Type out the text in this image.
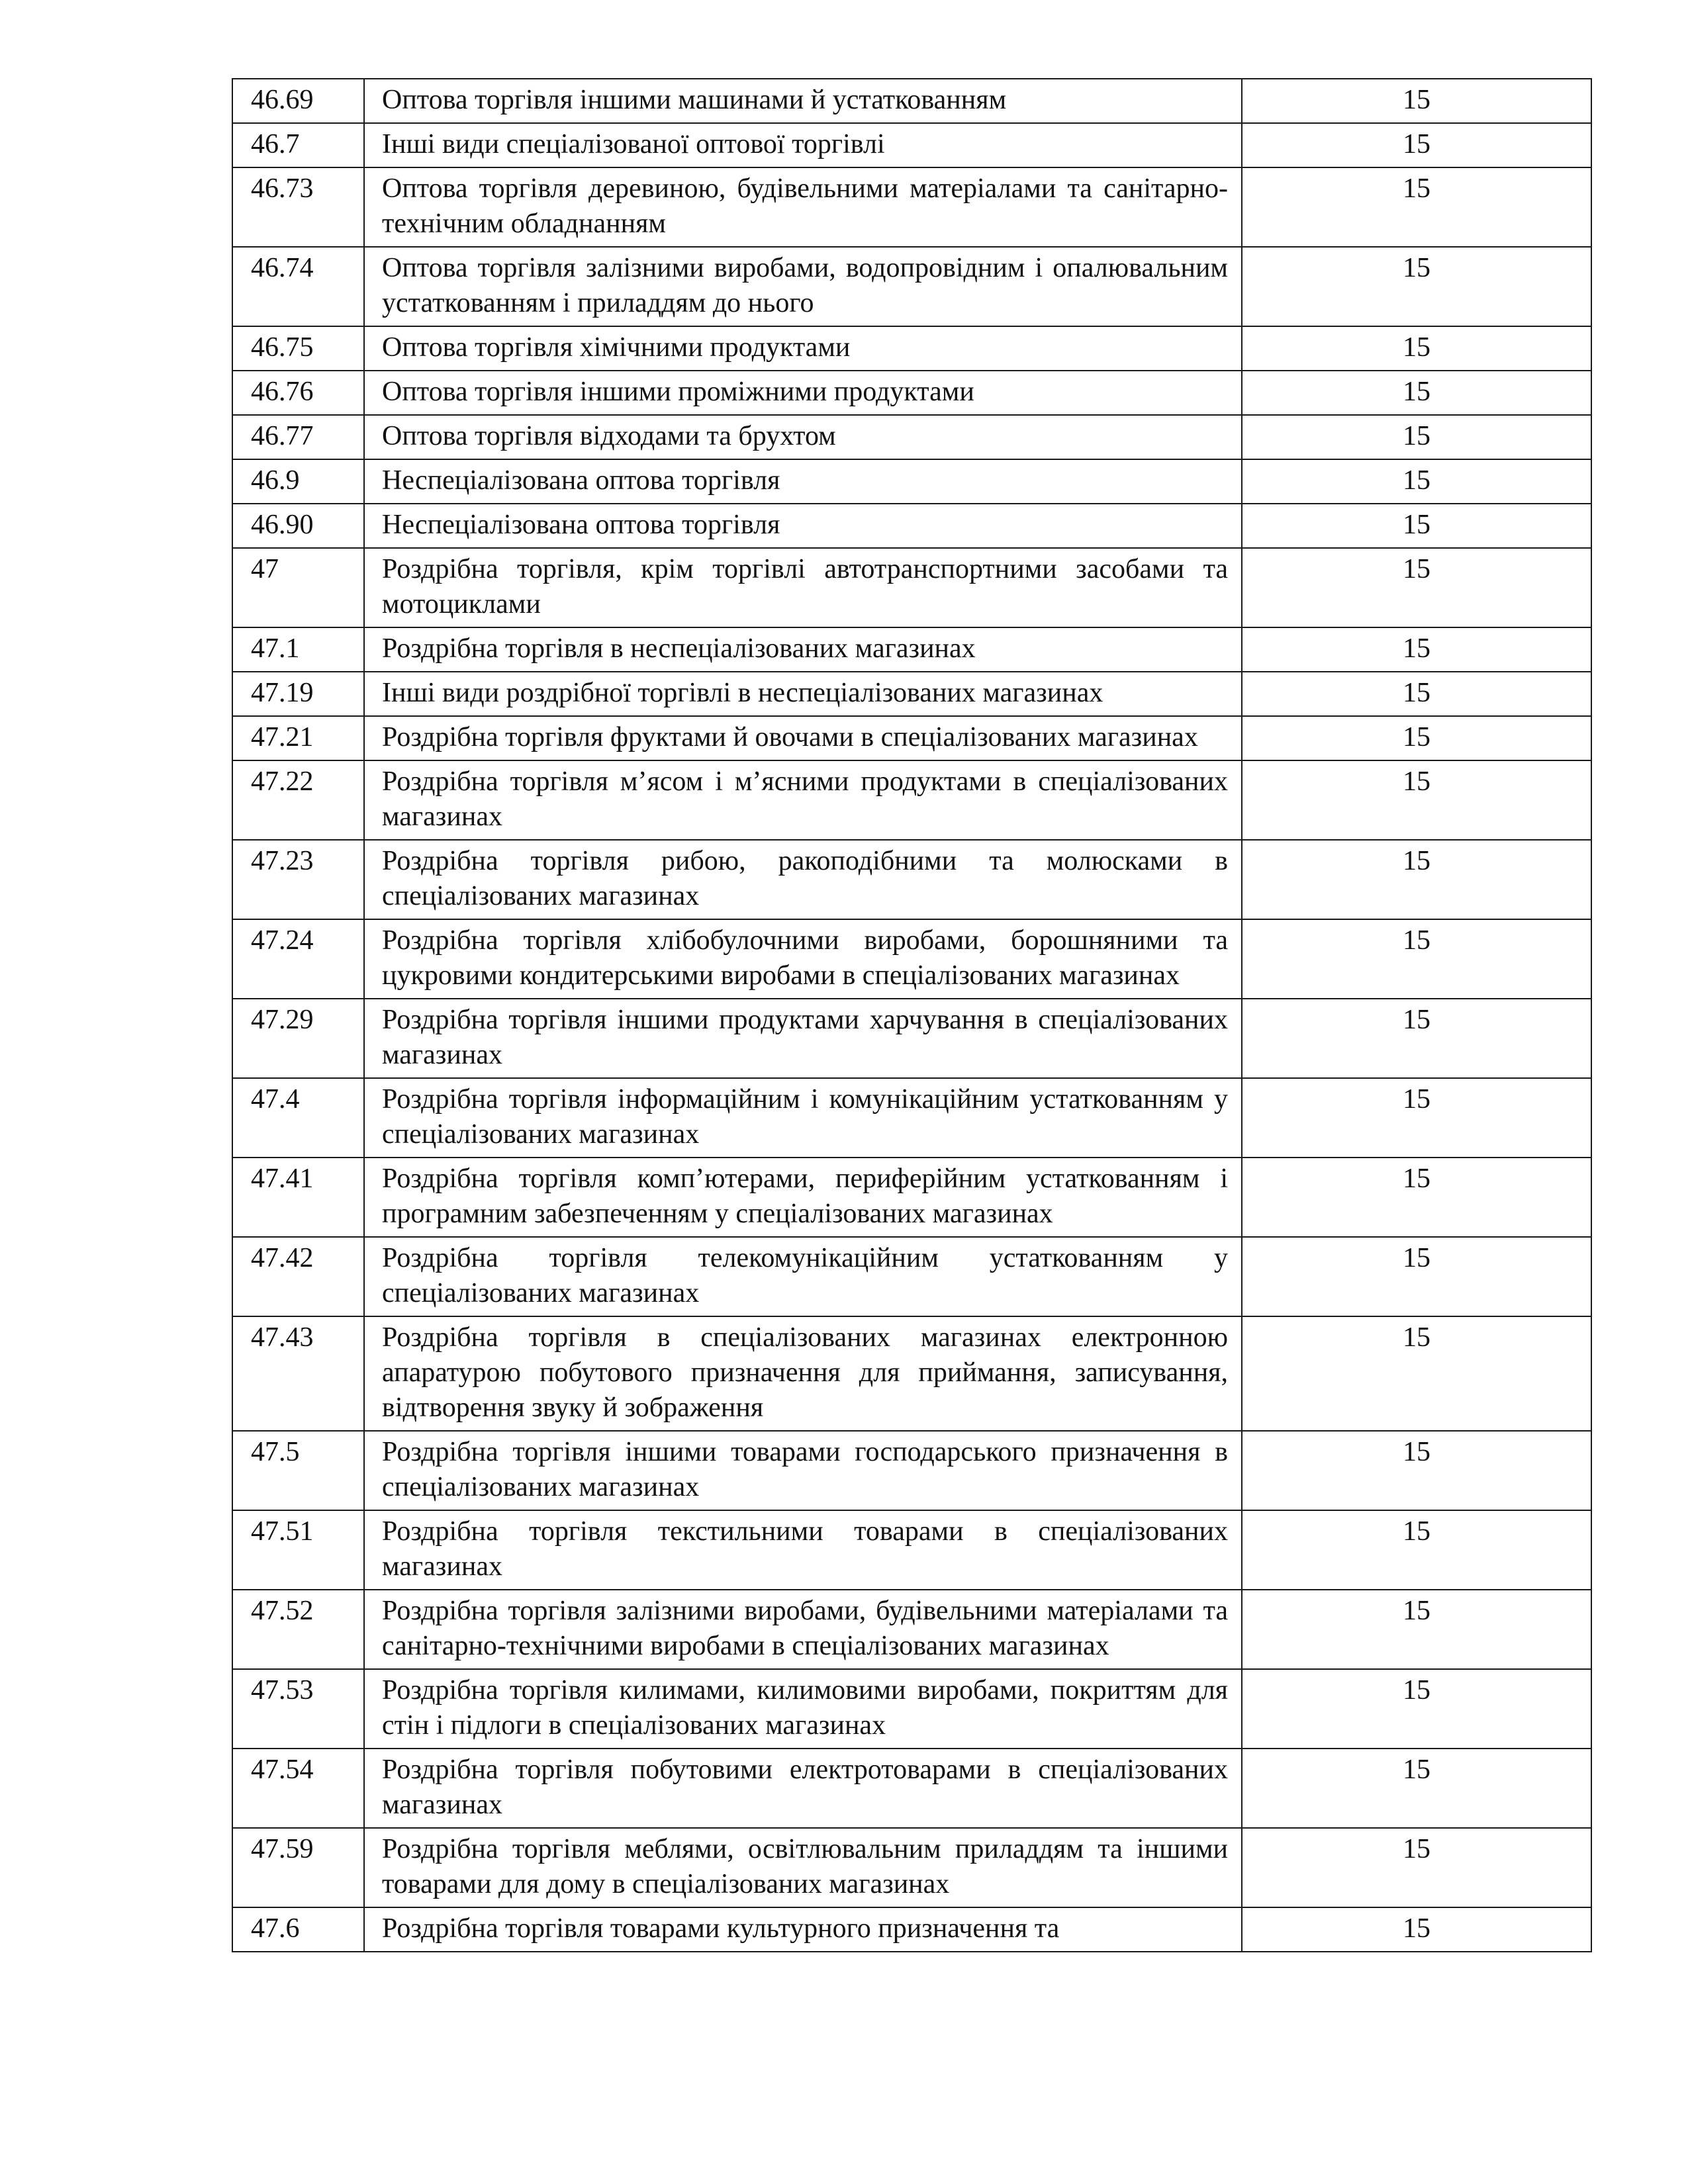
46.69	Оптова торгівля іншими машинами й устаткованням	15
46.7	Інші види спеціалізованої оптової торгівлі	15
46.73	Оптова торгівля деревиною, будівельними матеріалами та санітарно-технічним обладнанням	15
46.74	Оптова торгівля залізними виробами, водопровідним і опалювальним устаткованням і приладдям до нього	15
46.75	Оптова торгівля хімічними продуктами	15
46.76	Оптова торгівля іншими проміжними продуктами	15
46.77	Оптова торгівля відходами та брухтом	15
46.9	Неспеціалізована оптова торгівля	15
46.90	Неспеціалізована оптова торгівля	15
47	Роздрібна торгівля, крім торгівлі автотранспортними засобами та мотоциклами	15
47.1	Роздрібна торгівля в неспеціалізованих магазинах	15
47.19	Інші види роздрібної торгівлі в неспеціалізованих магазинах	15
47.21	Роздрібна торгівля фруктами й овочами в спеціалізованих магазинах	15
47.22	Роздрібна торгівля м’ясом і м’ясними продуктами в спеціалізованих магазинах	15
47.23	Роздрібна торгівля рибою, ракоподібними та молюсками в спеціалізованих магазинах	15
47.24	Роздрібна торгівля хлібобулочними виробами, борошняними та цукровими кондитерськими виробами в спеціалізованих магазинах	15
47.29	Роздрібна торгівля іншими продуктами харчування в спеціалізованих магазинах	15
47.4	Роздрібна торгівля інформаційним і комунікаційним устаткованням у спеціалізованих магазинах	15
47.41	Роздрібна торгівля комп’ютерами, периферійним устаткованням і програмним забезпеченням у спеціалізованих магазинах	15
47.42	Роздрібна торгівля телекомунікаційним устаткованням у спеціалізованих магазинах	15
47.43	Роздрібна торгівля в спеціалізованих магазинах електронною апаратурою побутового призначення для приймання, записування, відтворення звуку й зображення	15
47.5	Роздрібна торгівля іншими товарами господарського призначення в спеціалізованих магазинах	15
47.51	Роздрібна торгівля текстильними товарами в спеціалізованих магазинах	15
47.52	Роздрібна торгівля залізними виробами, будівельними матеріалами та санітарно-технічними виробами в спеціалізованих магазинах	15
47.53	Роздрібна торгівля килимами, килимовими виробами, покриттям для стін і підлоги в спеціалізованих магазинах	15
47.54	Роздрібна торгівля побутовими електротоварами в спеціалізованих магазинах	15
47.59	Роздрібна торгівля меблями, освітлювальним приладдям та іншими товарами для дому в спеціалізованих магазинах	15
47.6	Роздрібна торгівля товарами культурного призначення та	15
